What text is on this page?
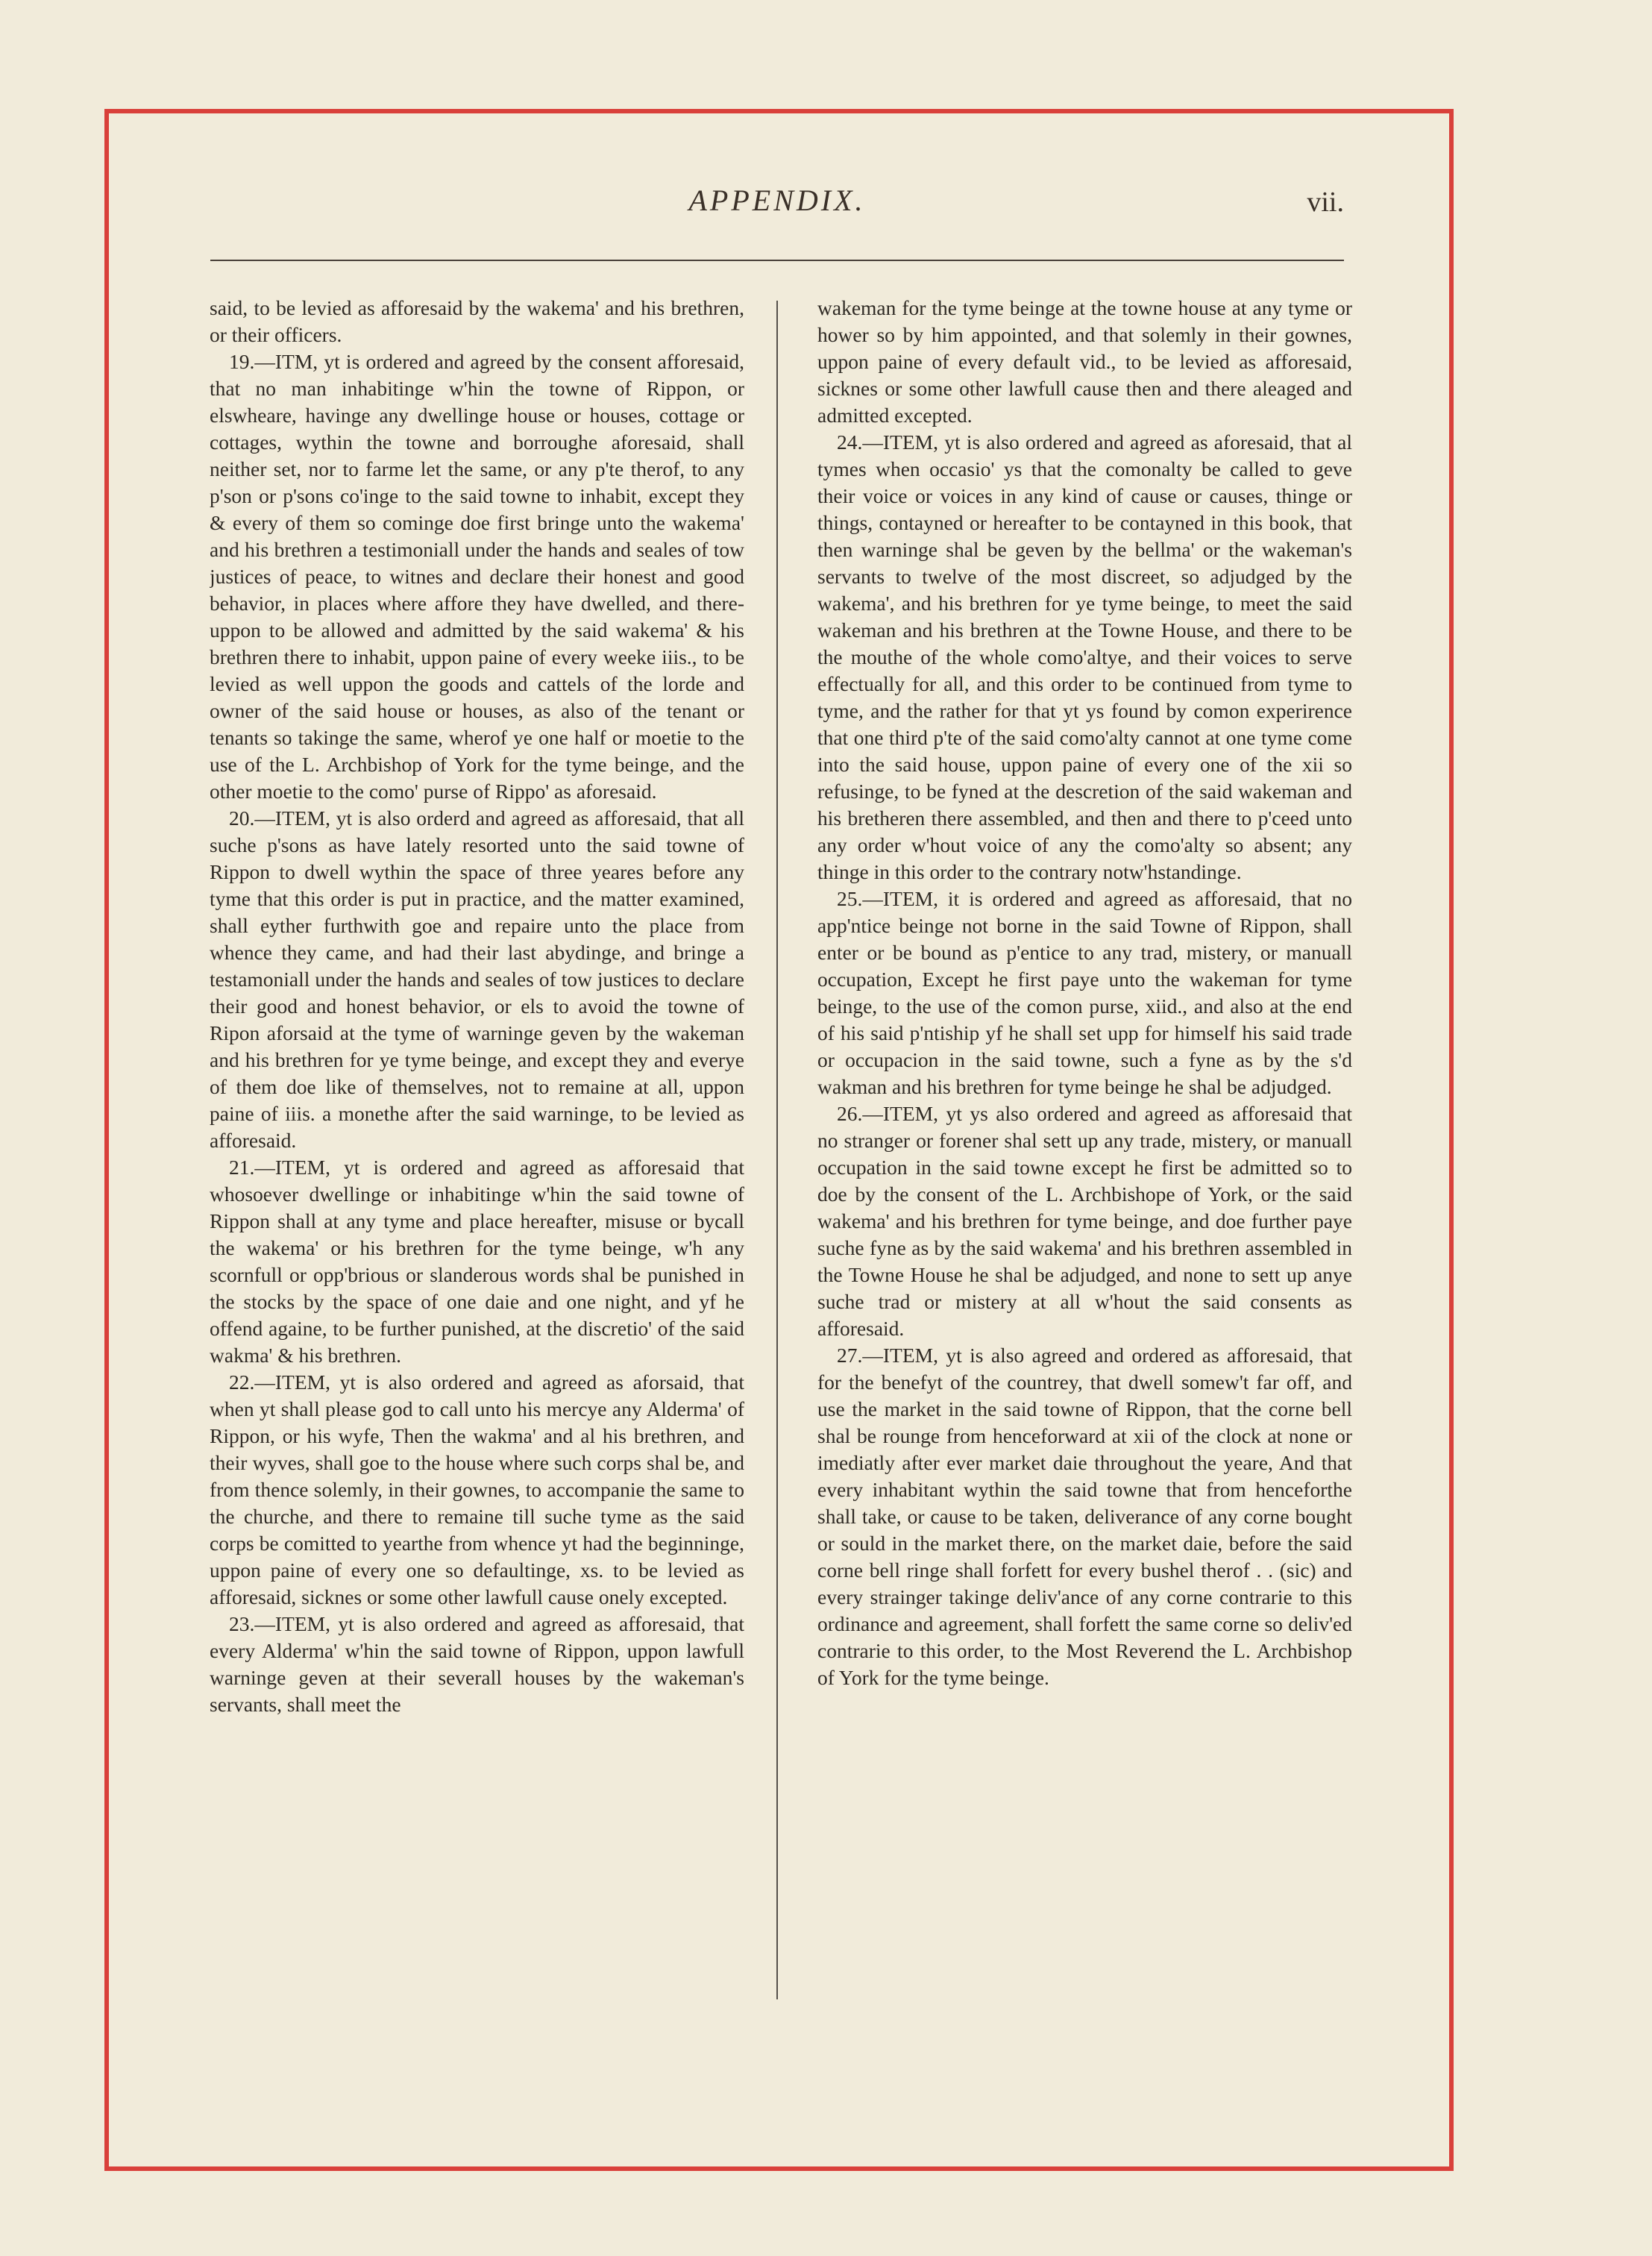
APPENDIX.	vii.

said, to be levied as afforesaid by the wakema' and his brethren, or their officers.

19.—ITM, yt is ordered and agreed by the consent afforesaid, that no man inhabitinge w'hin the towne of Rippon, or elswheare, havinge any dwellinge house or houses, cottage or cottages, wythin the towne and borroughe aforesaid, shall neither set, nor to farme let the same, or any p'te therof, to any p'son or p'sons co'inge to the said towne to inhabit, except they & every of them so cominge doe first bringe unto the wakema' and his brethren a testimoniall under the hands and seales of tow justices of peace, to witnes and declare their honest and good behavior, in places where affore they have dwelled, and thereuppon to be allowed and admitted by the said wakema' & his brethren there to inhabit, uppon paine of every weeke iiis., to be levied as well uppon the goods and cattels of the lorde and owner of the said house or houses, as also of the tenant or tenants so takinge the same, wherof ye one half or moetie to the use of the L. Archbishop of York for the tyme beinge, and the other moetie to the como' purse of Rippo' as aforesaid.

20.—ITEM, yt is also orderd and agreed as afforesaid, that all suche p'sons as have lately resorted unto the said towne of Rippon to dwell wythin the space of three yeares before any tyme that this order is put in practice, and the matter examined, shall eyther furthwith goe and repaire unto the place from whence they came, and had their last abydinge, and bringe a testamoniall under the hands and seales of tow justices to declare their good and honest behavior, or els to avoid the towne of Ripon aforsaid at the tyme of warninge geven by the wakeman and his brethren for ye tyme beinge, and except they and everye of them doe like of themselves, not to remaine at all, uppon paine of iiis. a monethe after the said warninge, to be levied as afforesaid.

21.—ITEM, yt is ordered and agreed as afforesaid that whosoever dwellinge or inhabitinge w'hin the said towne of Rippon shall at any tyme and place hereafter, misuse or bycall the wakema' or his brethren for the tyme beinge, w'h any scornfull or opp'brious or slanderous words shal be punished in the stocks by the space of one daie and one night, and yf he offend againe, to be further punished, at the discretio' of the said wakma' & his brethren.

22.—ITEM, yt is also ordered and agreed as aforsaid, that when yt shall please god to call unto his mercye any Alderma' of Rippon, or his wyfe, Then the wakma' and al his brethren, and their wyves, shall goe to the house where such corps shal be, and from thence solemly, in their gownes, to accompanie the same to the churche, and there to remaine till suche tyme as the said corps be comitted to yearthe from whence yt had the beginninge, uppon paine of every one so defaultinge, xs. to be levied as afforesaid, sicknes or some other lawfull cause onely excepted.

23.—ITEM, yt is also ordered and agreed as afforesaid, that every Alderma' w'hin the said towne of Rippon, uppon lawfull warninge geven at their severall houses by the wakeman's servants, shall meet the

wakeman for the tyme beinge at the towne house at any tyme or hower so by him appointed, and that solemly in their gownes, uppon paine of every default vid., to be levied as afforesaid, sicknes or some other lawfull cause then and there aleaged and admitted excepted.

24.—ITEM, yt is also ordered and agreed as aforesaid, that al tymes when occasio' ys that the comonalty be called to geve their voice or voices in any kind of cause or causes, thinge or things, contayned or hereafter to be contayned in this book, that then warninge shal be geven by the bellma' or the wakeman's servants to twelve of the most discreet, so adjudged by the wakema', and his brethren for ye tyme beinge, to meet the said wakeman and his brethren at the Towne House, and there to be the mouthe of the whole como'altye, and their voices to serve effectually for all, and this order to be continued from tyme to tyme, and the rather for that yt ys found by comon experirence that one third p'te of the said como'alty cannot at one tyme come into the said house, uppon paine of every one of the xii so refusinge, to be fyned at the descretion of the said wakeman and his bretheren there assembled, and then and there to p'ceed unto any order w'hout voice of any the como'alty so absent; any thinge in this order to the contrary notw'hstandinge.

25.—ITEM, it is ordered and agreed as afforesaid, that no app'ntice beinge not borne in the said Towne of Rippon, shall enter or be bound as p'entice to any trad, mistery, or manuall occupation, Except he first paye unto the wakeman for tyme beinge, to the use of the comon purse, xiid., and also at the end of his said p'ntiship yf he shall set upp for himself his said trade or occupacion in the said towne, such a fyne as by the s'd wakman and his brethren for tyme beinge he shal be adjudged.

26.—ITEM, yt ys also ordered and agreed as afforesaid that no stranger or forener shal sett up any trade, mistery, or manuall occupation in the said towne except he first be admitted so to doe by the consent of the L. Archbishope of York, or the said wakema' and his brethren for tyme beinge, and doe further paye suche fyne as by the said wakema' and his brethren assembled in the Towne House he shal be adjudged, and none to sett up anye suche trad or mistery at all w'hout the said consents as afforesaid.

27.—ITEM, yt is also agreed and ordered as afforesaid, that for the benefyt of the countrey, that dwell somew't far off, and use the market in the said towne of Rippon, that the corne bell shal be rounge from henceforward at xii of the clock at none or imediatly after ever market daie throughout the yeare, And that every inhabitant wythin the said towne that from henceforthe shall take, or cause to be taken, deliverance of any corne bought or sould in the market there, on the market daie, before the said corne bell ringe shall forfett for every bushel therof . . (sic) and every strainger takinge deliv'ance of any corne contrarie to this ordinance and agreement, shall forfett the same corne so deliv'ed contrarie to this order, to the Most Reverend the L. Archbishop of York for the tyme beinge.
